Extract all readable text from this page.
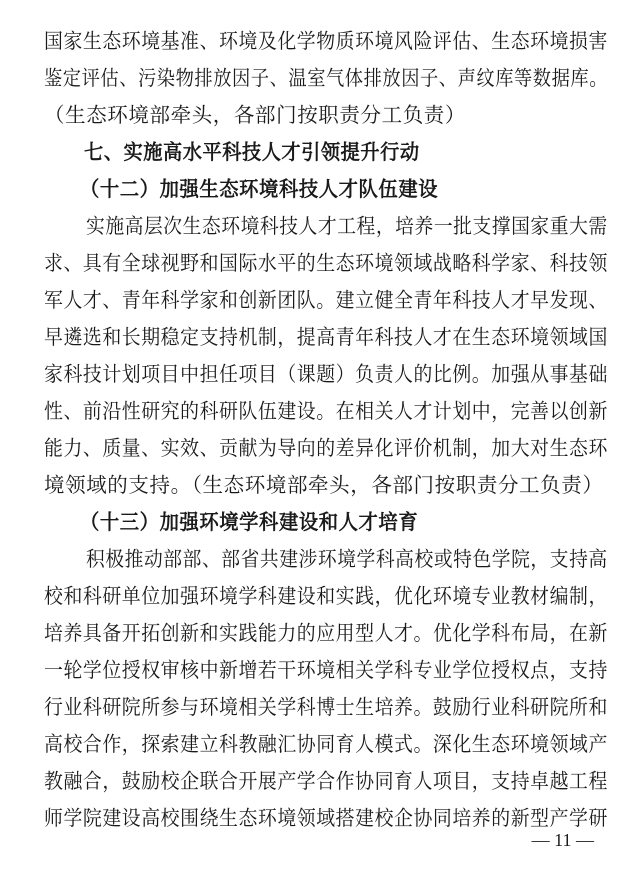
国家生态环境基准、环境及化学物质环境风险评估、生态环境损害
鉴定评估、污染物排放因子、温室气体排放因子、声纹库等数据库。
（生态环境部牵头，各部门按职责分工负责）
七、实施高水平科技人才引领提升行动
（十二）加强生态环境科技人才队伍建设
实施高层次生态环境科技人才工程，培养一批支撑国家重大需
求、具有全球视野和国际水平的生态环境领域战略科学家、科技领
军人才、青年科学家和创新团队。建立健全青年科技人才早发现、
早遴选和长期稳定支持机制，提高青年科技人才在生态环境领域国
家科技计划项目中担任项目（课题）负责人的比例。加强从事基础
性、前沿性研究的科研队伍建设。在相关人才计划中，完善以创新
能力、质量、实效、贡献为导向的差异化评价机制，加大对生态环
境领域的支持。（生态环境部牵头，各部门按职责分工负责）
（十三）加强环境学科建设和人才培育
积极推动部部、部省共建涉环境学科高校或特色学院，支持高
校和科研单位加强环境学科建设和实践，优化环境专业教材编制，
培养具备开拓创新和实践能力的应用型人才。优化学科布局，在新
一轮学位授权审核中新增若干环境相关学科专业学位授权点，支持
行业科研院所参与环境相关学科博士生培养。鼓励行业科研院所和
高校合作，探索建立科教融汇协同育人模式。深化生态环境领域产
教融合，鼓励校企联合开展产学合作协同育人项目，支持卓越工程
师学院建设高校围绕生态环境领域搭建校企协同培养的新型产学研
— 11 —
